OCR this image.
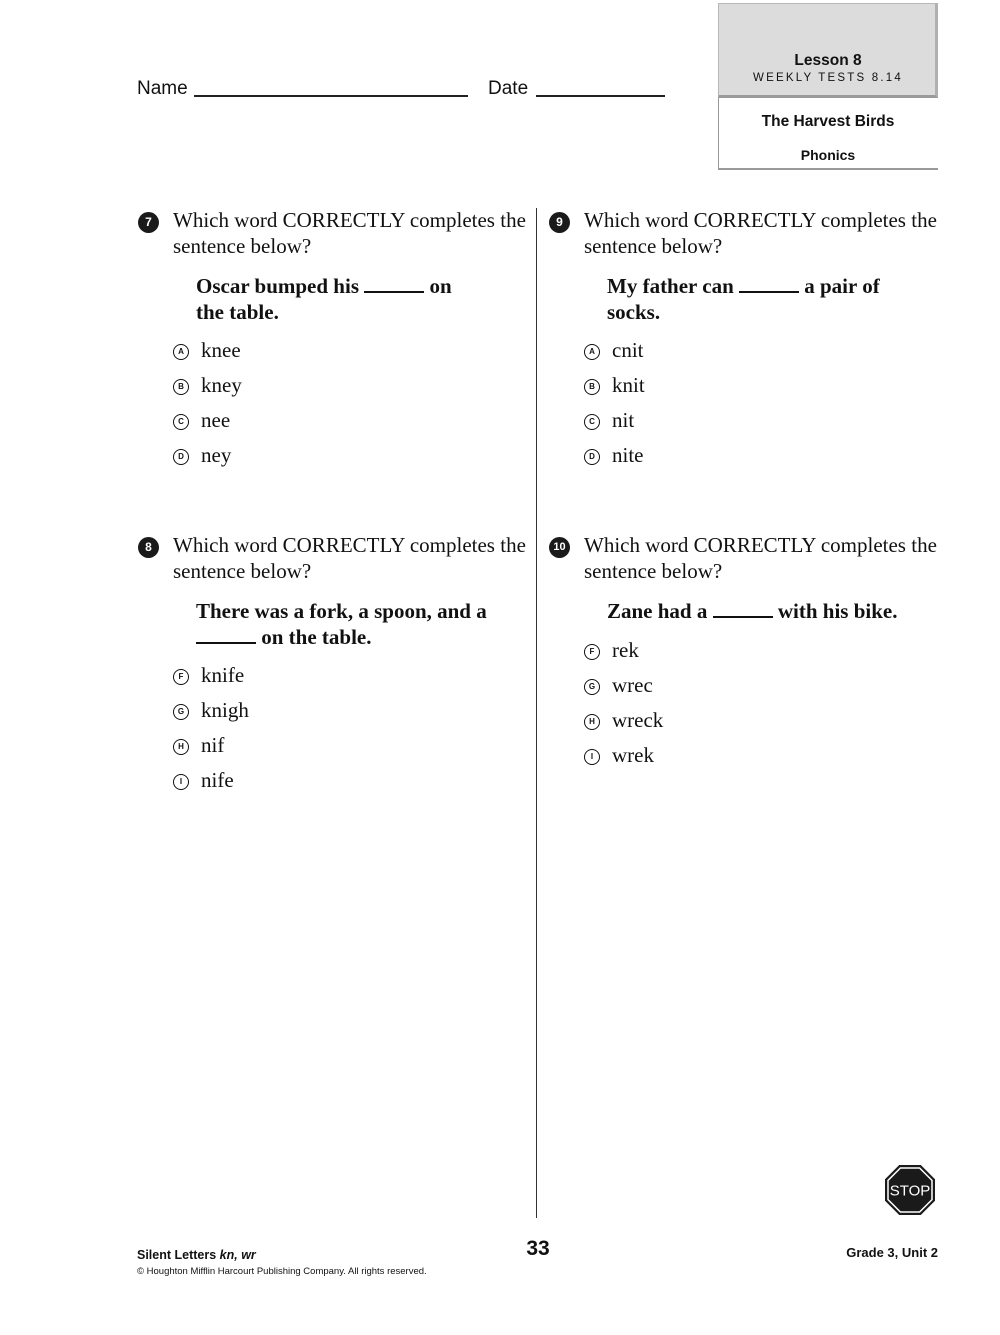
Name	Date
Lesson 8
WEEKLY TESTS 8.14
The Harvest Birds
Phonics
7	Which word CORRECTLY completes the sentence below?

Oscar bumped his	on the table.

A knee
B kney
C nee
D ney
8	Which word CORRECTLY completes the sentence below?

There was a fork, a spoon, and a  on the table.

F knife
G knigh
H nif
I nife
9	Which word CORRECTLY completes the sentence below?

My father can	a pair of socks.

A cnit
B knit
C nit
D nite
10 Which word CORRECTLY completes the sentence below?

Zane had a	with his bike.

F rek
G wrec
H wreck
I wrek
STOP
Silent Letters kn, wr
© Houghton Mifflin Harcourt Publishing Company. All rights reserved.
33	Grade 3, Unit 2
